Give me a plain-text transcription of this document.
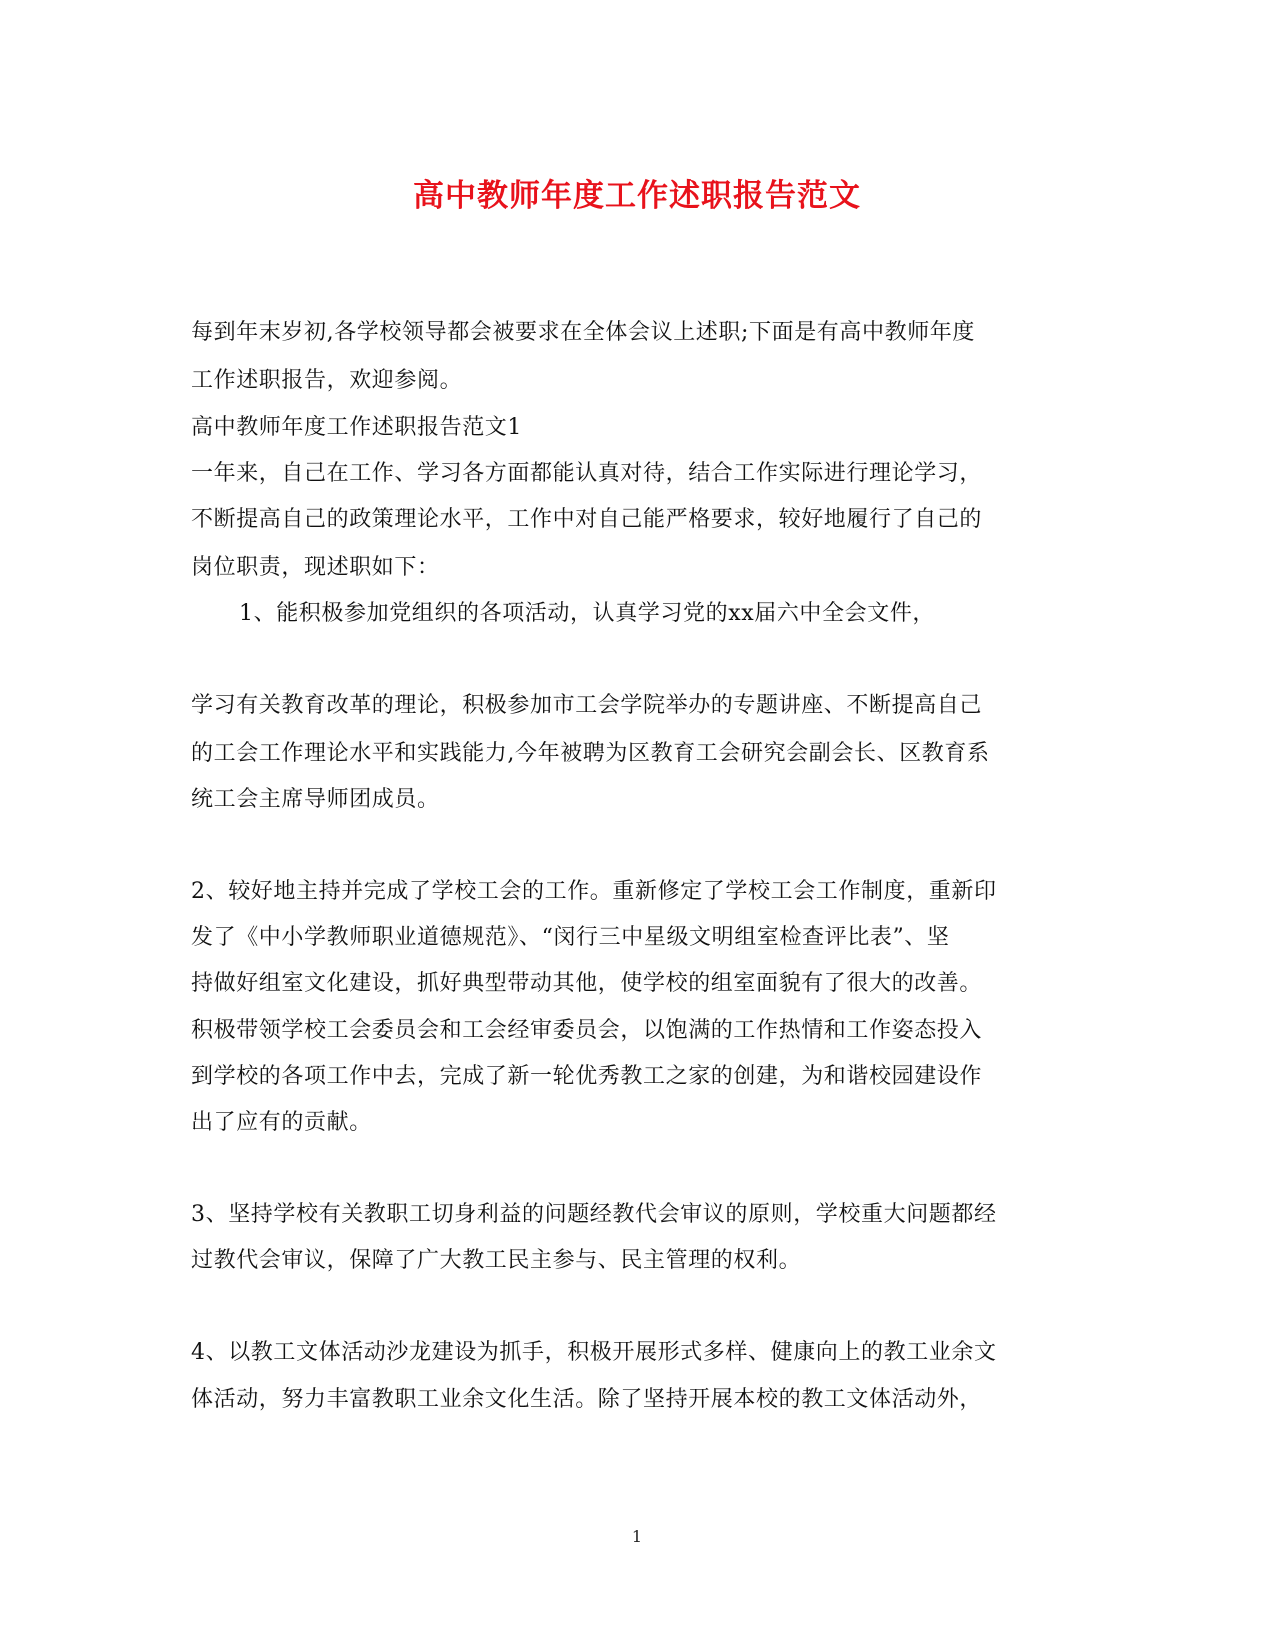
高中教师年度工作述职报告范文
每到年末岁初,各学校领导都会被要求在全体会议上述职;下面是有高中教师年度
工作述职报告，欢迎参阅。
高中教师年度工作述职报告范文1
一年来，自己在工作、学习各方面都能认真对待，结合工作实际进行理论学习，
不断提高自己的政策理论水平，工作中对自己能严格要求，较好地履行了自己的
岗位职责，现述职如下：
1、能积极参加党组织的各项活动，认真学习党的xx届六中全会文件，
学习有关教育改革的理论，积极参加市工会学院举办的专题讲座、不断提高自己
的工会工作理论水平和实践能力,今年被聘为区教育工会研究会副会长、区教育系
统工会主席导师团成员。
2、较好地主持并完成了学校工会的工作。重新修定了学校工会工作制度，重新印
发了《中小学教师职业道德规范》、“闵行三中星级文明组室检查评比表”、坚
持做好组室文化建设，抓好典型带动其他，使学校的组室面貌有了很大的改善。
积极带领学校工会委员会和工会经审委员会，以饱满的工作热情和工作姿态投入
到学校的各项工作中去，完成了新一轮优秀教工之家的创建，为和谐校园建设作
出了应有的贡献。
3、坚持学校有关教职工切身利益的问题经教代会审议的原则，学校重大问题都经
过教代会审议，保障了广大教工民主参与、民主管理的权利。
4、以教工文体活动沙龙建设为抓手，积极开展形式多样、健康向上的教工业余文
体活动，努力丰富教职工业余文化生活。除了坚持开展本校的教工文体活动外，
1
